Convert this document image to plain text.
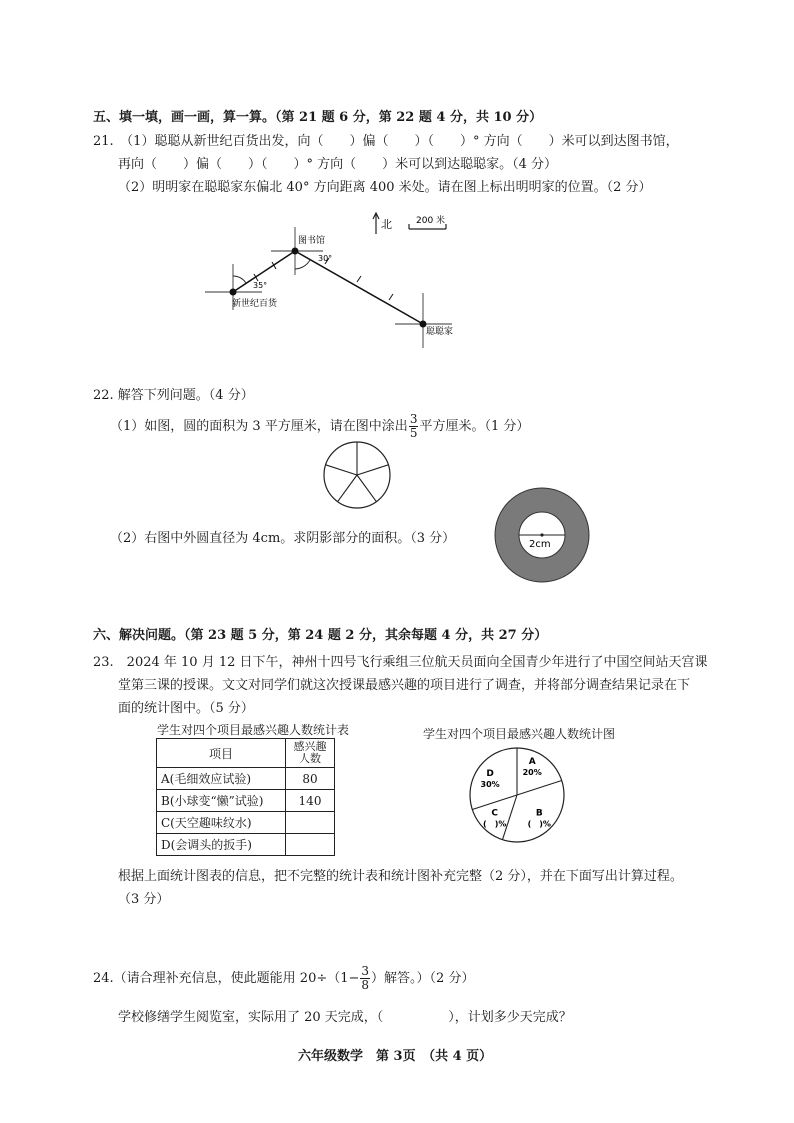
五、填一填，画一画，算一算。（第 21 题 6 分，第 22 题 4 分，共 10 分）
21.　（1）聪聪从新世纪百货出发，向（　　）偏（　　）（　　）° 方向（　　）米可以到达图书馆，
再向（　　）偏（　　）（　　）° 方向（　　）米可以到达聪聪家。（4 分）
（2）明明家在聪聪家东偏北 40° 方向距离 400 米处。请在图上标出明明家的位置。（2 分）
北	200 米
图书馆
新世纪百货
聪聪家
35°
30°
22. 解答下列问题。（4 分）
（1）如图，圆的面积为 3 平方厘米，请在图中涂出 $\frac{3}{5}$ 平方厘米。（1 分）
（2）右图中外圆直径为 4cm。求阴影部分的面积。（3 分）	2cm
六、解决问题。（第 23 题 5 分，第 24 题 2 分，其余每题 4 分，共 27 分）
23.　2024 年 10 月 12 日下午，神州十四号飞行乘组三位航天员面向全国青少年进行了中国空间站天宫课
堂第三课的授课。文文对同学们就这次授课最感兴趣的项目进行了调查，并将部分调查结果记录在下
面的统计图中。（5 分）
学生对四个项目最感兴趣人数统计表
项目	感兴趣人数
A(毛细效应试验)	80
B(小球变“懒”试验)	140
C(天空趣味纹水)	
D(会调头的扳手)	
学生对四个项目最感兴趣人数统计图
A
20%
B
(　)%
C
(　)%
D
30%
根据上面统计图表的信息，把不完整的统计表和统计图补充完整（2 分），并在下面写出计算过程。
（3 分）
24.（请合理补充信息，使此题能用 $20\div(1- \frac{3}{8}$ ）解答。）（2 分）
学校修缮学生阅览室，实际用了 20 天完成，（　　　　　），计划多少天完成？
六年级数学　第 3页　（共 4 页）
